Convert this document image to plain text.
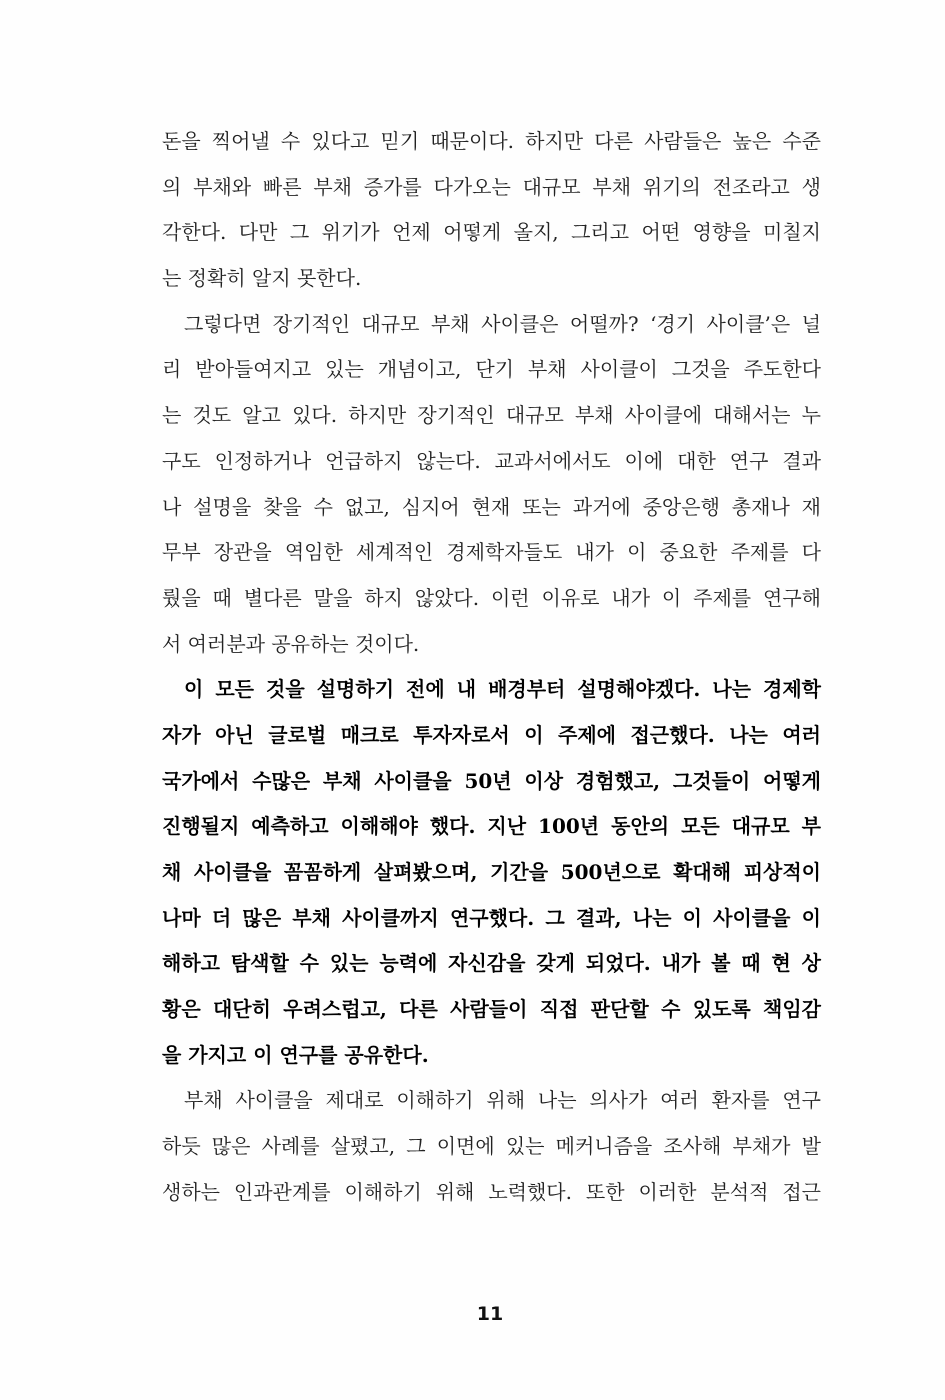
돈을 찍어낼 수 있다고 믿기 때문이다. 하지만 다른 사람들은 높은 수준
의 부채와 빠른 부채 증가를 다가오는 대규모 부채 위기의 전조라고 생
각한다. 다만 그 위기가 언제 어떻게 올지, 그리고 어떤 영향을 미칠지
는 정확히 알지 못한다.
그렇다면 장기적인 대규모 부채 사이클은 어떨까? ‘경기 사이클’은 널
리 받아들여지고 있는 개념이고, 단기 부채 사이클이 그것을 주도한다
는 것도 알고 있다. 하지만 장기적인 대규모 부채 사이클에 대해서는 누
구도 인정하거나 언급하지 않는다. 교과서에서도 이에 대한 연구 결과
나 설명을 찾을 수 없고, 심지어 현재 또는 과거에 중앙은행 총재나 재
무부 장관을 역임한 세계적인 경제학자들도 내가 이 중요한 주제를 다
뤘을 때 별다른 말을 하지 않았다. 이런 이유로 내가 이 주제를 연구해
서 여러분과 공유하는 것이다.
이 모든 것을 설명하기 전에 내 배경부터 설명해야겠다. 나는 경제학
자가 아닌 글로벌 매크로 투자자로서 이 주제에 접근했다. 나는 여러
국가에서 수많은 부채 사이클을 50년 이상 경험했고, 그것들이 어떻게
진행될지 예측하고 이해해야 했다. 지난 100년 동안의 모든 대규모 부
채 사이클을 꼼꼼하게 살펴봤으며, 기간을 500년으로 확대해 피상적이
나마 더 많은 부채 사이클까지 연구했다. 그 결과, 나는 이 사이클을 이
해하고 탐색할 수 있는 능력에 자신감을 갖게 되었다. 내가 볼 때 현 상
황은 대단히 우려스럽고, 다른 사람들이 직접 판단할 수 있도록 책임감
을 가지고 이 연구를 공유한다.
부채 사이클을 제대로 이해하기 위해 나는 의사가 여러 환자를 연구
하듯 많은 사례를 살폈고, 그 이면에 있는 메커니즘을 조사해 부채가 발
생하는 인과관계를 이해하기 위해 노력했다. 또한 이러한 분석적 접근
11
